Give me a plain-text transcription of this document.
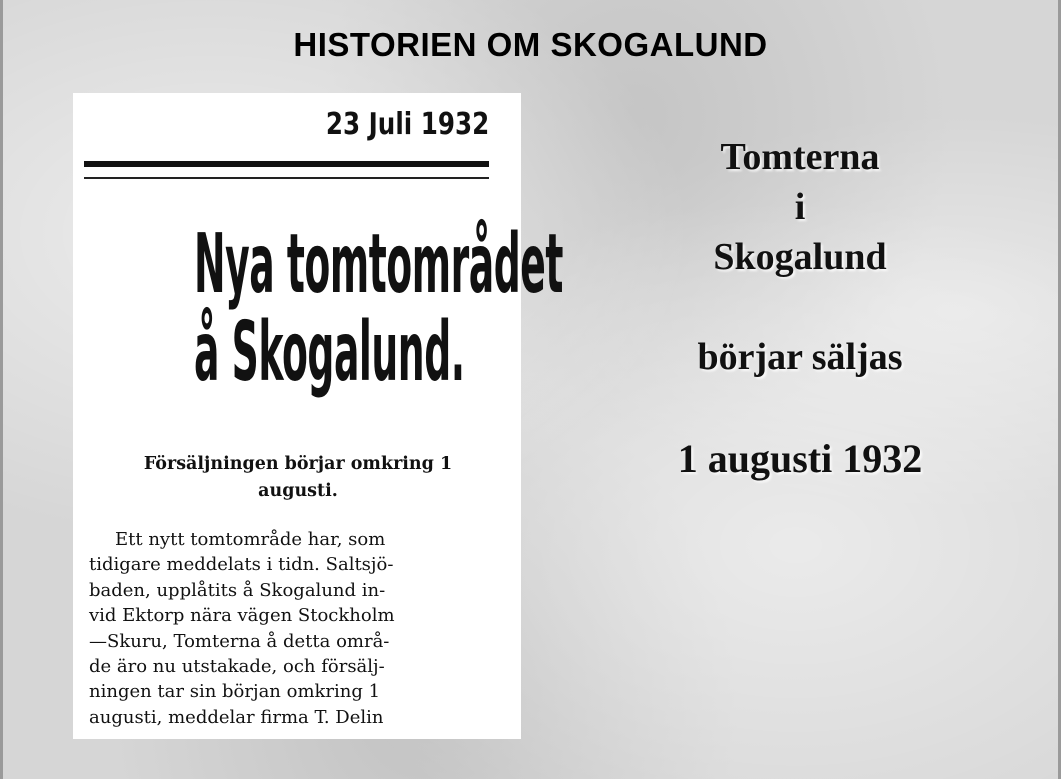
HISTORIEN OM SKOGALUND
23 Juli 1932
Nya tomtområdet
å Skogalund.
Försäljningen börjar omkring 1
augusti.
Ett nytt tomtområde har, som
tidigare meddelats i tidn. Saltsjö-
baden, upplåtits å Skogalund in-
vid Ektorp nära vägen Stockholm
—Skuru, Tomterna å detta områ-
de äro nu utstakade, och försälj-
ningen tar sin början omkring 1
augusti, meddelar firma T. Delin
Tomterna
i
Skogalund
börjar säljas
1 augusti 1932
